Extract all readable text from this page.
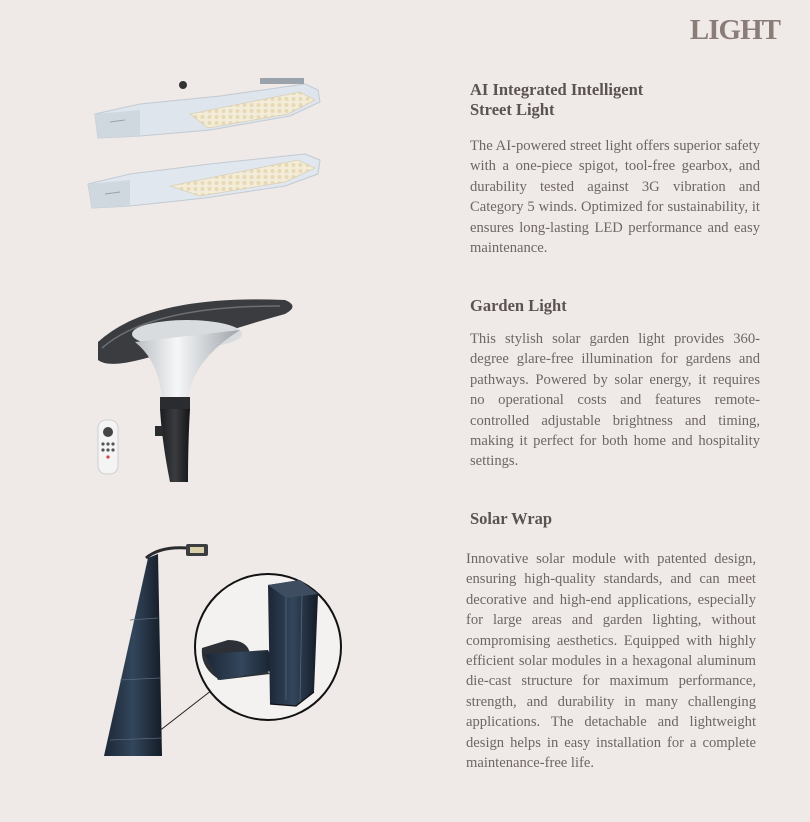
LIGHT
AI Integrated Intelligent
Street Light
The AI-powered street light offers superior safety with a one-piece spigot, tool-free gearbox, and durability tested against 3G vibration and Category 5 winds. Optimized for sustainability, it ensures long-lasting LED performance and easy maintenance.
Garden Light
This stylish solar garden light provides 360-degree glare-free illumination for gardens and pathways. Powered by solar energy, it requires no operational costs and features remote-controlled adjustable brightness and timing, making it perfect for both home and hospitality settings.
Solar Wrap
Innovative solar module with patented design, ensuring high-quality standards, and can meet decorative and high-end applications, especially for large areas and garden lighting, without compromising aesthetics. Equipped with highly efficient solar modules in a hexagonal aluminum die-cast structure for maximum performance, strength, and durability in many challenging applications. The detachable and lightweight design helps in easy installation for a complete maintenance-free life.
